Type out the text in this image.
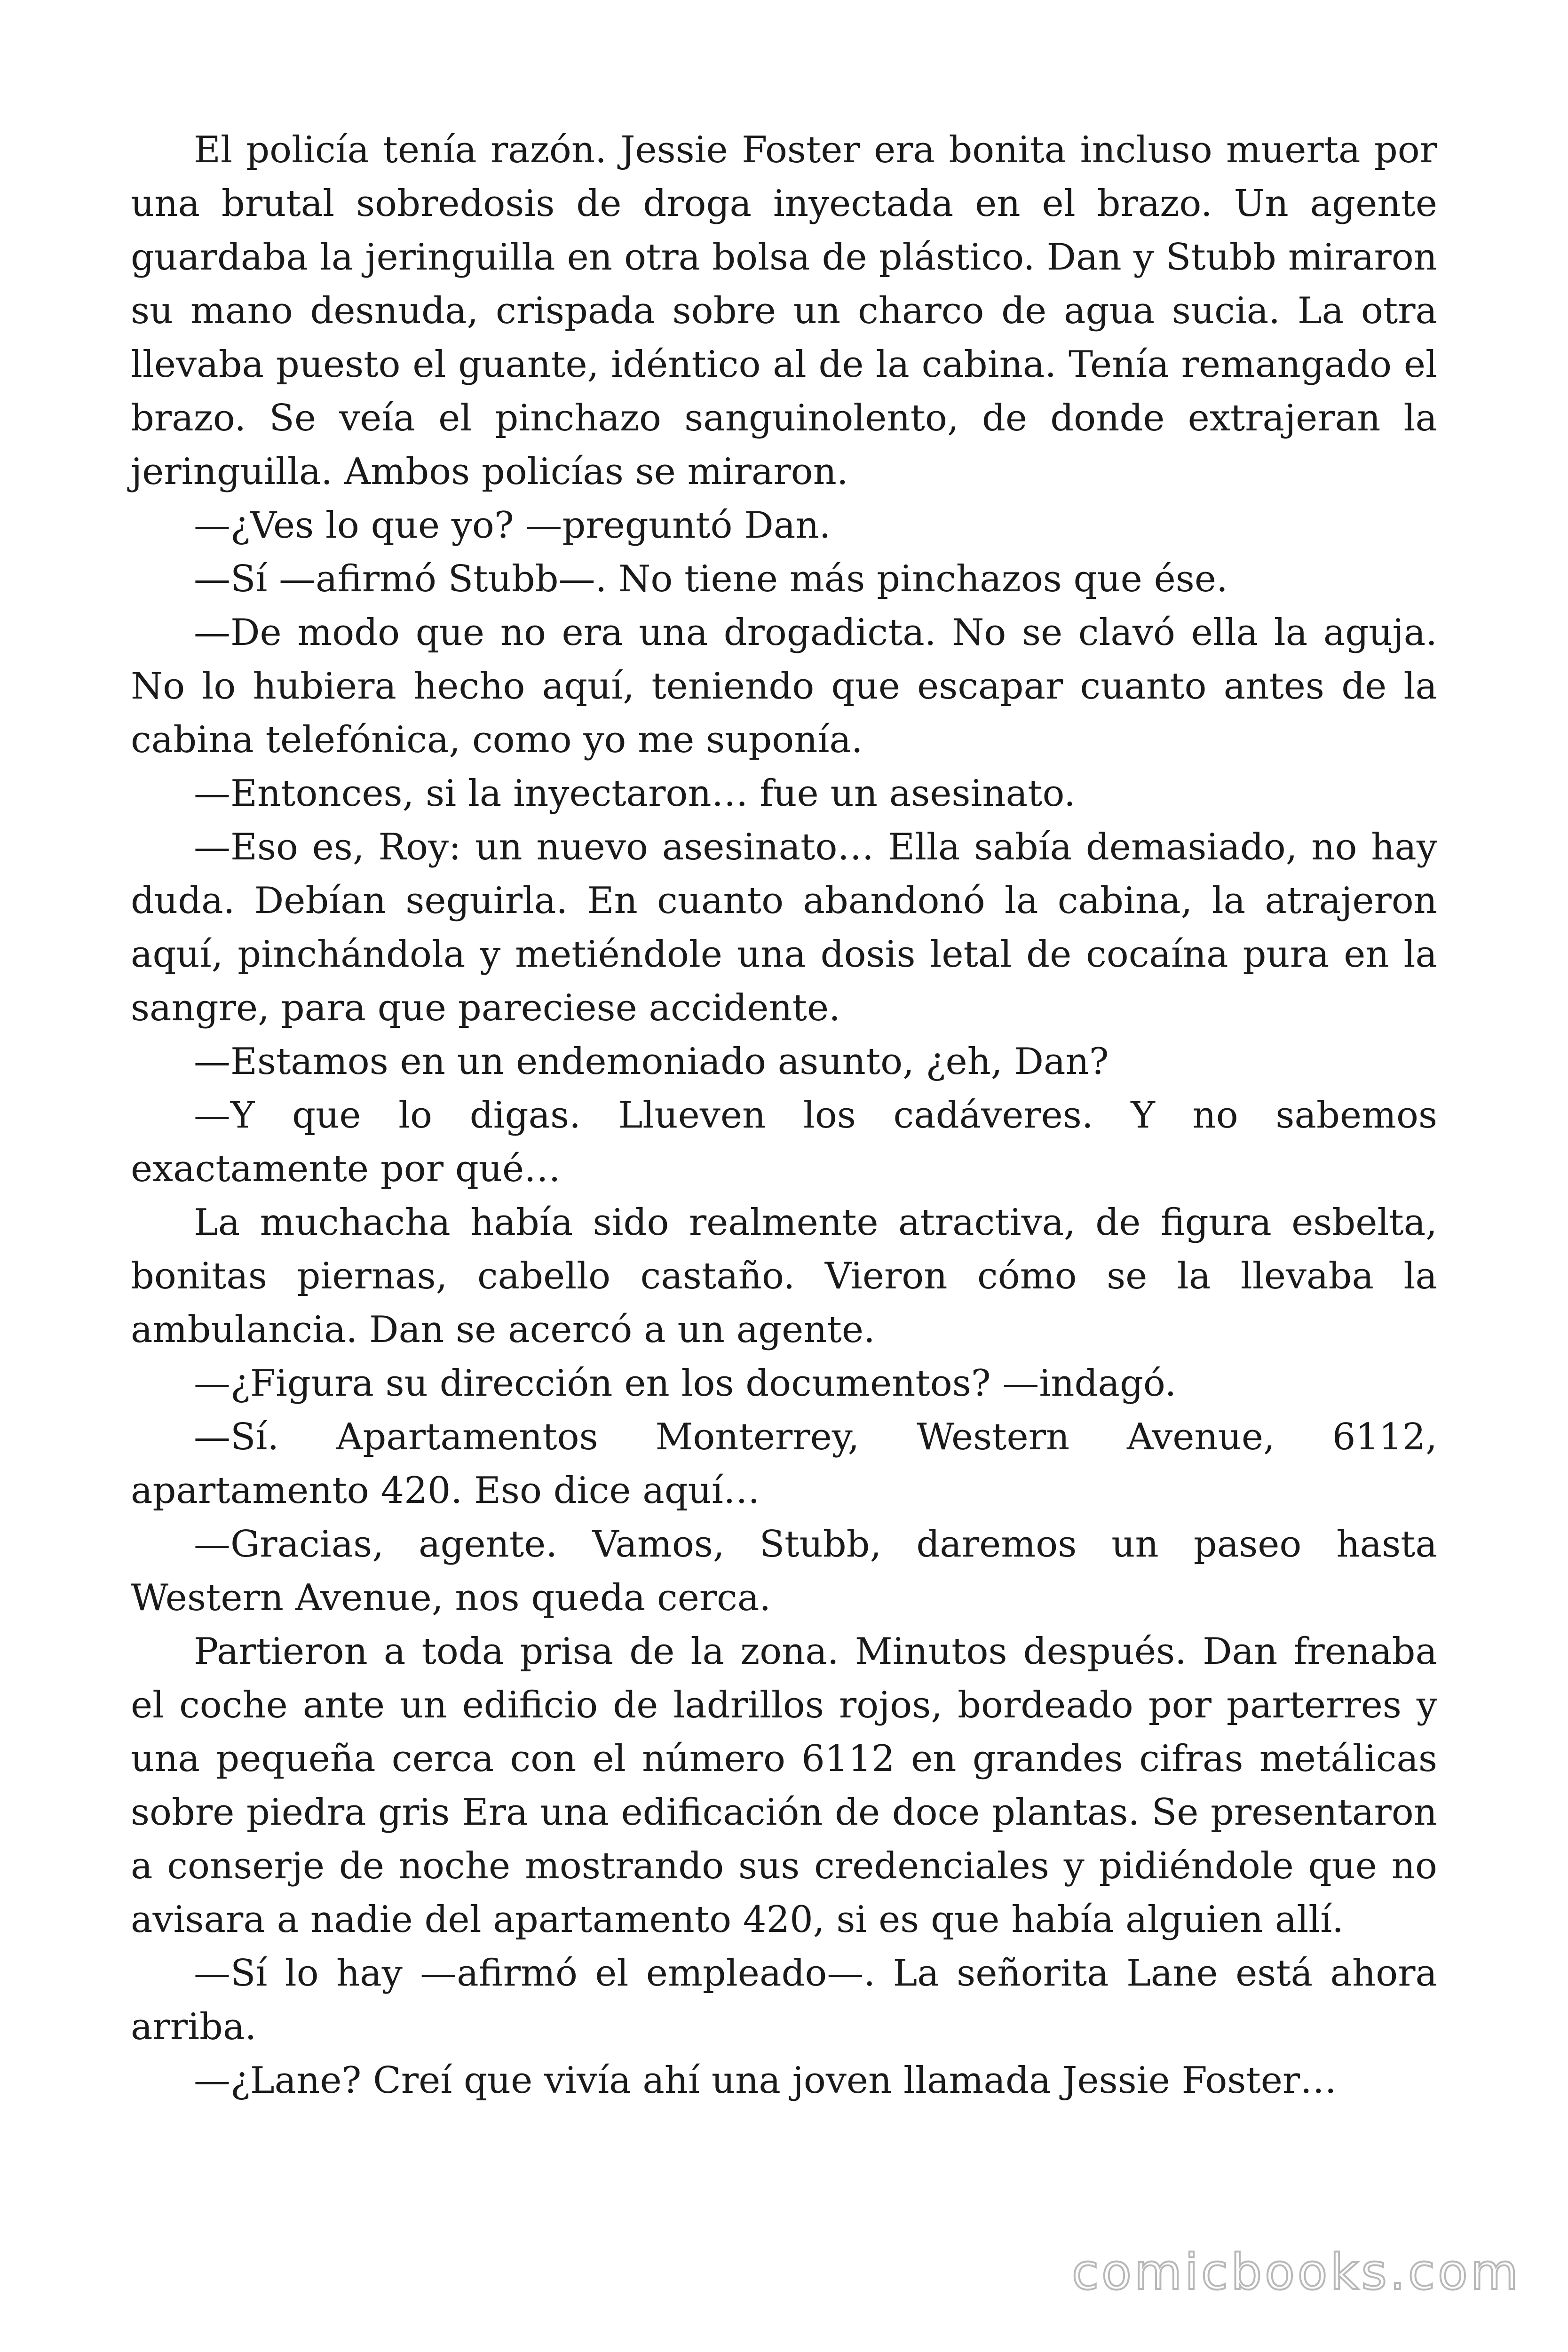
El policía tenía razón. Jessie Foster era bonita incluso muerta por una brutal sobredosis de droga inyectada en el brazo. Un agente guardaba la jeringuilla en otra bolsa de plástico. Dan y Stubb miraron su mano desnuda, crispada sobre un charco de agua sucia. La otra llevaba puesto el guante, idéntico al de la cabina. Tenía remangado el brazo. Se veía el pinchazo sanguinolento, de donde extrajeran la jeringuilla. Ambos policías se miraron.

—¿Ves lo que yo? —preguntó Dan.

—Sí —afirmó Stubb—. No tiene más pinchazos que ése.

—De modo que no era una drogadicta. No se clavó ella la aguja. No lo hubiera hecho aquí, teniendo que escapar cuanto antes de la cabina telefónica, como yo me suponía.

—Entonces, si la inyectaron… fue un asesinato.

—Eso es, Roy: un nuevo asesinato… Ella sabía demasiado, no hay duda. Debían seguirla. En cuanto abandonó la cabina, la atrajeron aquí, pinchándola y metiéndole una dosis letal de cocaína pura en la sangre, para que pareciese accidente.

—Estamos en un endemoniado asunto, ¿eh, Dan?

—Y que lo digas. Llueven los cadáveres. Y no sabemos exactamente por qué…

La muchacha había sido realmente atractiva, de figura esbelta, bonitas piernas, cabello castaño. Vieron cómo se la llevaba la ambulancia. Dan se acercó a un agente.

—¿Figura su dirección en los documentos? —indagó.

—Sí. Apartamentos Monterrey, Western Avenue, 6112, apartamento 420. Eso dice aquí…

—Gracias, agente. Vamos, Stubb, daremos un paseo hasta Western Avenue, nos queda cerca.

Partieron a toda prisa de la zona. Minutos después. Dan frenaba el coche ante un edificio de ladrillos rojos, bordeado por parterres y una pequeña cerca con el número 6112 en grandes cifras metálicas sobre piedra gris Era una edificación de doce plantas. Se presentaron a conserje de noche mostrando sus credenciales y pidiéndole que no avisara a nadie del apartamento 420, si es que había alguien allí.

—Sí lo hay —afirmó el empleado—. La señorita Lane está ahora arriba.

—¿Lane? Creí que vivía ahí una joven llamada Jessie Foster…

comicbooks.com
